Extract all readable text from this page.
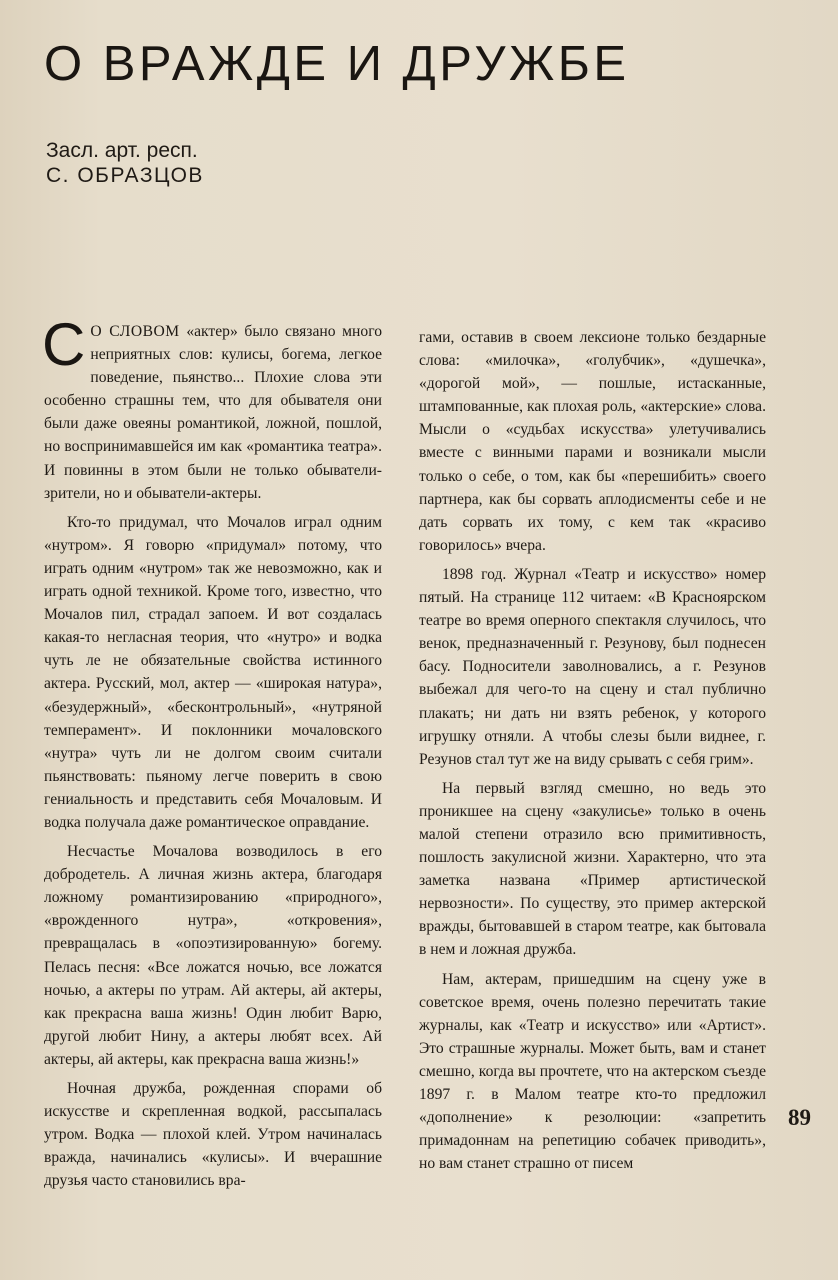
О ВРАЖДЕ И ДРУЖБЕ
Засл. арт. респ.
С. ОБРАЗЦОВ

С О СЛОВОМ «актер» было связано много неприятных слов: кулисы, богема, легкое поведение, пьянство... Плохие слова эти особенно страшны тем, что для обывателя они были даже овеяны романтикой, ложной, пошлой, но воспринимавшейся им как «романтика театра». И повинны в этом были не только обыватели-зрители, но и обыватели-актеры.

Кто-то придумал, что Мочалов играл одним «нутром». Я говорю «придумал» потому, что играть одним «нутром» так же невозможно, как и играть одной техникой. Кроме того, известно, что Мочалов пил, страдал запоем. И вот создалась какая-то негласная теория, что «нутро» и водка чуть ле не обязательные свойства истинного актера. Русский, мол, актер — «широкая натура», «безудержный», «бесконтрольный», «нутряной темперамент». И поклонники мочаловского «нутра» чуть ли не долгом своим считали пьянствовать: пьяному легче поверить в свою гениальность и представить себя Мочаловым. И водка получала даже романтическое оправдание.

Несчастье Мочалова возводилось в его добродетель. А личная жизнь актера, благодаря ложному романтизированию «природного», «врожденного нутра», «откровения», превращалась в «опоэтизированную» богему. Пелась песня: «Все ложатся ночью, все ложатся ночью, а актеры по утрам. Ай актеры, ай актеры, как прекрасна ваша жизнь! Один любит Варю, другой любит Нину, а актеры любят всех. Ай актеры, ай актеры, как прекрасна ваша жизнь!»

Ночная дружба, рожденная спорами об искусстве и скрепленная водкой, рассыпалась утром. Водка — плохой клей. Утром начиналась вражда, начинались «кулисы». И вчерашние друзья часто становились вра-

гами, оставив в своем лексионе только бездарные слова: «милочка», «голубчик», «душечка», «дорогой мой», — пошлые, истасканные, штампованные, как плохая роль, «актерские» слова. Мысли о «судьбах искусства» улетучивались вместе с винными парами и возникали мысли только о себе, о том, как бы «перешибить» своего партнера, как бы сорвать аплодисменты себе и не дать сорвать их тому, с кем так «красиво говорилось» вчера.

1898 год. Журнал «Театр и искусство» номер пятый. На странице 112 читаем: «В Красноярском театре во время оперного спектакля случилось, что венок, предназначенный г. Резунову, был поднесен басу. Подносители заволновались, а г. Резунов выбежал для чего-то на сцену и стал публично плакать; ни дать ни взять ребенок, у которого игрушку отняли. А чтобы слезы были виднее, г. Резунов стал тут же на виду срывать с себя грим».

На первый взгляд смешно, но ведь это проникшее на сцену «закулисье» только в очень малой степени отразило всю примитивность, пошлость закулисной жизни. Характерно, что эта заметка названа «Пример артистической нервозности». По существу, это пример актерской вражды, бытовавшей в старом театре, как бытовала в нем и ложная дружба.

Нам, актерам, пришедшим на сцену уже в советское время, очень полезно перечитать такие журналы, как «Театр и искусство» или «Артист». Это страшные журналы. Может быть, вам и станет смешно, когда вы прочтете, что на актерском съезде 1897 г. в Малом театре кто-то предложил «дополнение» к резолюции: «запретить примадоннам на репетицию собачек приводить», но вам станет страшно от писем

89
